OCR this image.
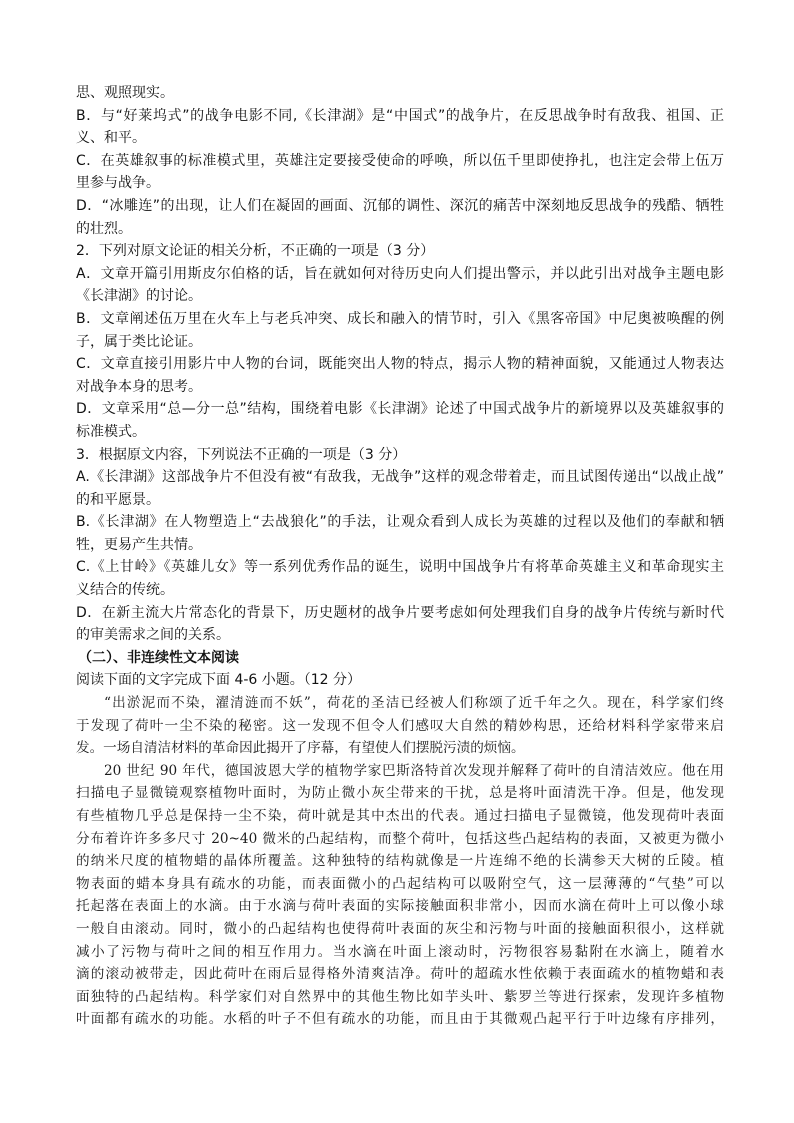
思、观照现实。
B．与“好莱坞式”的战争电影不同,《长津湖》是“中国式”的战争片，在反思战争时有敌我、祖国、正
义、和平。
C．在英雄叙事的标准模式里，英雄注定要接受使命的呼唤，所以伍千里即使挣扎，也注定会带上伍万
里参与战争。
D．“冰雕连”的出现，让人们在凝固的画面、沉郁的调性、深沉的痛苦中深刻地反思战争的残酷、牺牲
的壮烈。
2．下列对原文论证的相关分析，不正确的一项是（3 分）
A．文章开篇引用斯皮尔伯格的话，旨在就如何对待历史向人们提出警示，并以此引出对战争主题电影
《长津湖》的讨论。
B．文章阐述伍万里在火车上与老兵冲突、成长和融入的情节时，引入《黑客帝国》中尼奥被唤醒的例
子，属于类比论证。
C．文章直接引用影片中人物的台词，既能突出人物的特点，揭示人物的精神面貌，又能通过人物表达
对战争本身的思考。
D．文章采用“总—分一总”结构，围绕着电影《长津湖》论述了中国式战争片的新境界以及英雄叙事的
标准模式。
3．根据原文内容，下列说法不正确的一项是（3 分）
A.《长津湖》这部战争片不但没有被“有敌我，无战争”这样的观念带着走，而且试图传递出“以战止战”
的和平愿景。
B.《长津湖》在人物塑造上“去战狼化”的手法，让观众看到人成长为英雄的过程以及他们的奉献和牺
牲，更易产生共情。
C.《上甘岭》《英雄儿女》等一系列优秀作品的诞生，说明中国战争片有将革命英雄主义和革命现实主
义结合的传统。
D．在新主流大片常态化的背景下，历史题材的战争片要考虑如何处理我们自身的战争片传统与新时代
的审美需求之间的关系。
（二）、非连续性文本阅读
阅读下面的文字完成下面 4-6 小题。（12 分）
“出淤泥而不染，濯清涟而不妖”，荷花的圣洁已经被人们称颂了近千年之久。现在，科学家们终
于发现了荷叶一尘不染的秘密。这一发现不但令人们感叹大自然的精妙构思，还给材料科学家带来启
发。一场自清洁材料的革命因此揭开了序幕，有望使人们摆脱污渍的烦恼。
20 世纪 90 年代，德国波恩大学的植物学家巴斯洛特首次发现并解释了荷叶的自清洁效应。他在用
扫描电子显微镜观察植物叶面时，为防止微小灰尘带来的干扰，总是将叶面清洗干净。但是，他发现
有些植物几乎总是保持一尘不染，荷叶就是其中杰出的代表。通过扫描电子显微镜，他发现荷叶表面
分布着许许多多尺寸 20~40 微米的凸起结构，而整个荷叶，包括这些凸起结构的表面，又被更为微小
的纳米尺度的植物蜡的晶体所覆盖。这种独特的结构就像是一片连绵不绝的长满参天大树的丘陵。植
物表面的蜡本身具有疏水的功能，而表面微小的凸起结构可以吸附空气，这一层薄薄的“气垫”可以
托起落在表面上的水滴。由于水滴与荷叶表面的实际接触面积非常小，因而水滴在荷叶上可以像小球
一般自由滚动。同时，微小的凸起结构也使得荷叶表面的灰尘和污物与叶面的接触面积很小，这样就
减小了污物与荷叶之间的相互作用力。当水滴在叶面上滚动时，污物很容易黏附在水滴上，随着水
滴的滚动被带走，因此荷叶在雨后显得格外清爽洁净。荷叶的超疏水性依赖于表面疏水的植物蜡和表
面独特的凸起结构。科学家们对自然界中的其他生物比如芋头叶、紫罗兰等进行探索，发现许多植物
叶面都有疏水的功能。水稻的叶子不但有疏水的功能，而且由于其微观凸起平行于叶边缘有序排列，
